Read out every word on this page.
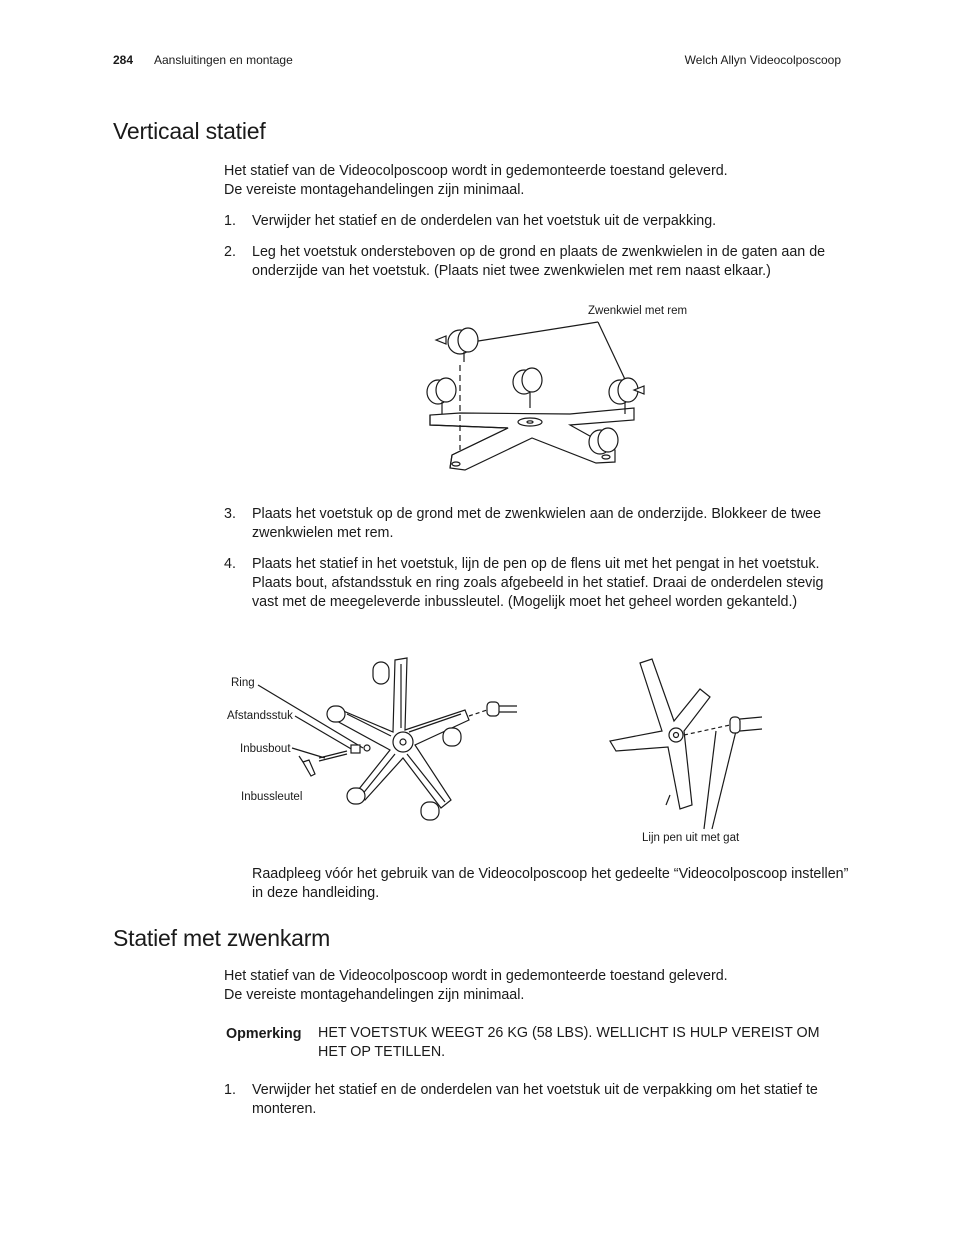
284 Aansluitingen en montage	Welch Allyn Videocolposcoop
Verticaal statief
Het statief van de Videocolposcoop wordt in gedemonteerde toestand geleverd.
De vereiste montagehandelingen zijn minimaal.
1. Verwijder het statief en de onderdelen van het voetstuk uit de verpakking.
2. Leg het voetstuk ondersteboven op de grond en plaats de zwenkwielen in de gaten aan de onderzijde van het voetstuk. (Plaats niet twee zwenkwielen met rem naast elkaar.)
Zwenkwiel met rem
3. Plaats het voetstuk op de grond met de zwenkwielen aan de onderzijde. Blokkeer de twee zwenkwielen met rem.
4. Plaats het statief in het voetstuk, lijn de pen op de flens uit met het pengat in het voetstuk. Plaats bout, afstandsstuk en ring zoals afgebeeld in het statief. Draai de onderdelen stevig vast met de meegeleverde inbussleutel. (Mogelijk moet het geheel worden gekanteld.)
Ring
Afstandsstuk
Inbusbout
Inbussleutel
Lijn pen uit met gat
Raadpleeg vóór het gebruik van de Videocolposcoop het gedeelte “Videocolposcoop instellen” in deze handleiding.
Statief met zwenkarm
Het statief van de Videocolposcoop wordt in gedemonteerde toestand geleverd.
De vereiste montagehandelingen zijn minimaal.
Opmerking HET VOETSTUK WEEGT 26 KG (58 LBS). WELLICHT IS HULP VEREIST OM HET OP TETILLEN.
1. Verwijder het statief en de onderdelen van het voetstuk uit de verpakking om het statief te monteren.
